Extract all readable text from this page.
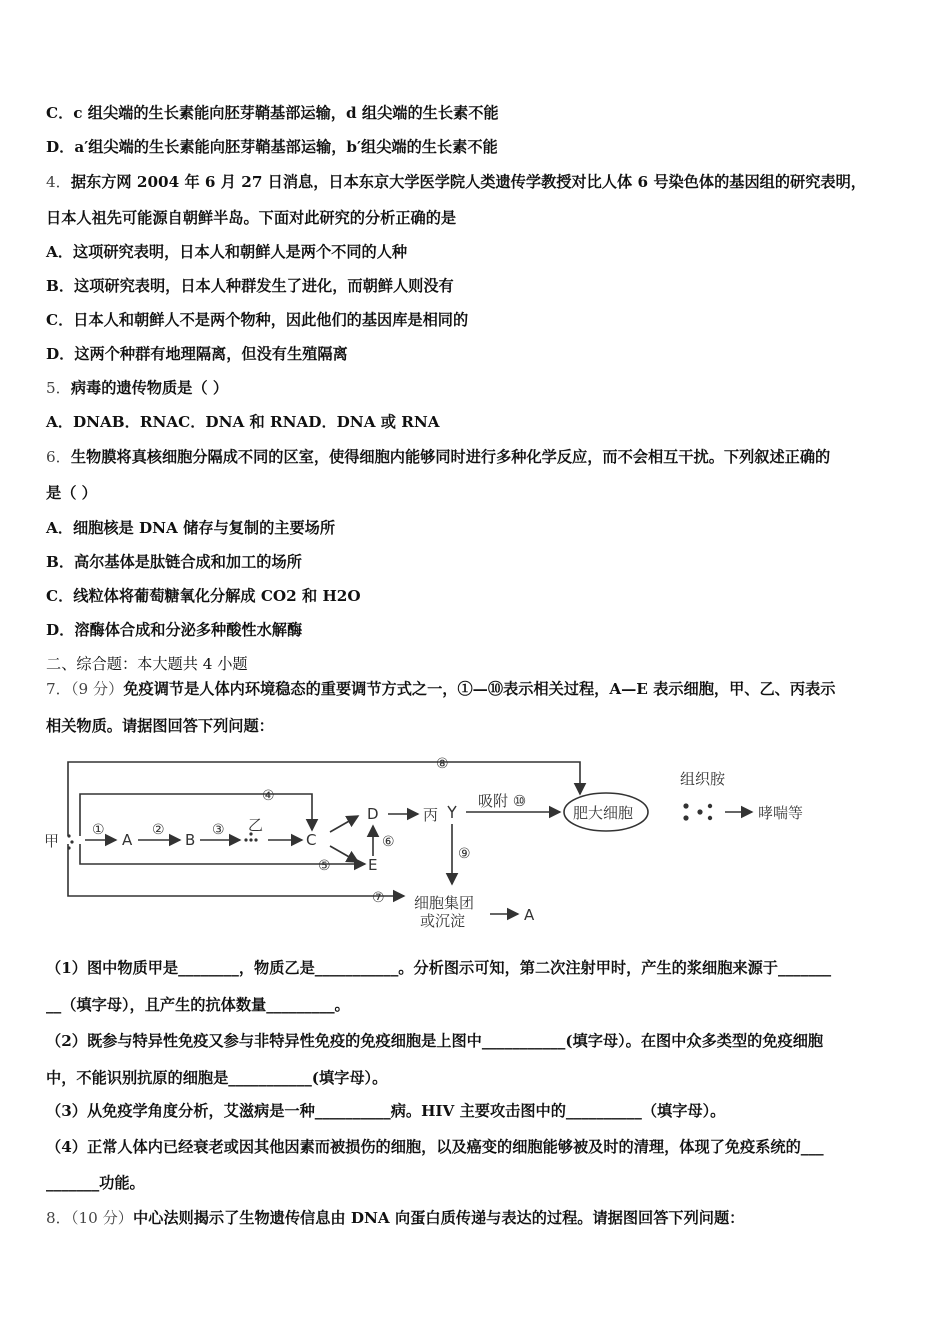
C．c 组尖端的生长素能向胚芽鞘基部运输，d 组尖端的生长素不能
D．a′组尖端的生长素能向胚芽鞘基部运输，b′组尖端的生长素不能
4．据东方网 2004 年 6 月 27 日消息，日本东京大学医学院人类遗传学教授对比人体 6 号染色体的基因组的研究表明，
日本人祖先可能源自朝鲜半岛。下面对此研究的分析正确的是
A．这项研究表明，日本人和朝鲜人是两个不同的人种
B．这项研究表明，日本人种群发生了进化，而朝鲜人则没有
C．日本人和朝鲜人不是两个物种，因此他们的基因库是相同的
D．这两个种群有地理隔离，但没有生殖隔离
5．病毒的遗传物质是（ ）
A．DNAB．RNAC．DNA 和 RNAD．DNA 或 RNA
6．生物膜将真核细胞分隔成不同的区室，使得细胞内能够同时进行多种化学反应，而不会相互干扰。下列叙述正确的
是（ ）
A．细胞核是 DNA 储存与复制的主要场所
B．高尔基体是肽链合成和加工的场所
C．线粒体将葡萄糖氧化分解成 CO2 和 H2O
D．溶酶体合成和分泌多种酸性水解酶
二、综合题：本大题共 4 小题
7．（9 分）免疫调节是人体内环境稳态的重要调节方式之一，①—⑩表示相关过程，A—E 表示细胞，甲、乙、丙表示
相关物质。请据图回答下列问题：
甲	A	B
乙
C
D
E
丙
吸附 ⑩
肥大细胞
组织胺
哮喘等
细胞集团
或沉淀	A
①	②	③
④
⑤
⑥
⑦
⑧
⑨
（1）图中物质甲是________，物质乙是___________。分析图示可知，第二次注射甲时，产生的浆细胞来源于_______
__（填字母），且产生的抗体数量_________。
（2）既参与特异性免疫又参与非特异性免疫的免疫细胞是上图中___________(填字母）。在图中众多类型的免疫细胞
中，不能识别抗原的细胞是___________(填字母）。
（3）从免疫学角度分析，艾滋病是一种__________病。HIV 主要攻击图中的__________（填字母）。
（4）正常人体内已经衰老或因其他因素而被损伤的细胞，以及癌变的细胞能够被及时的清理，体现了免疫系统的___
_______功能。
8．（10 分）中心法则揭示了生物遗传信息由 DNA 向蛋白质传递与表达的过程。请据图回答下列问题：
